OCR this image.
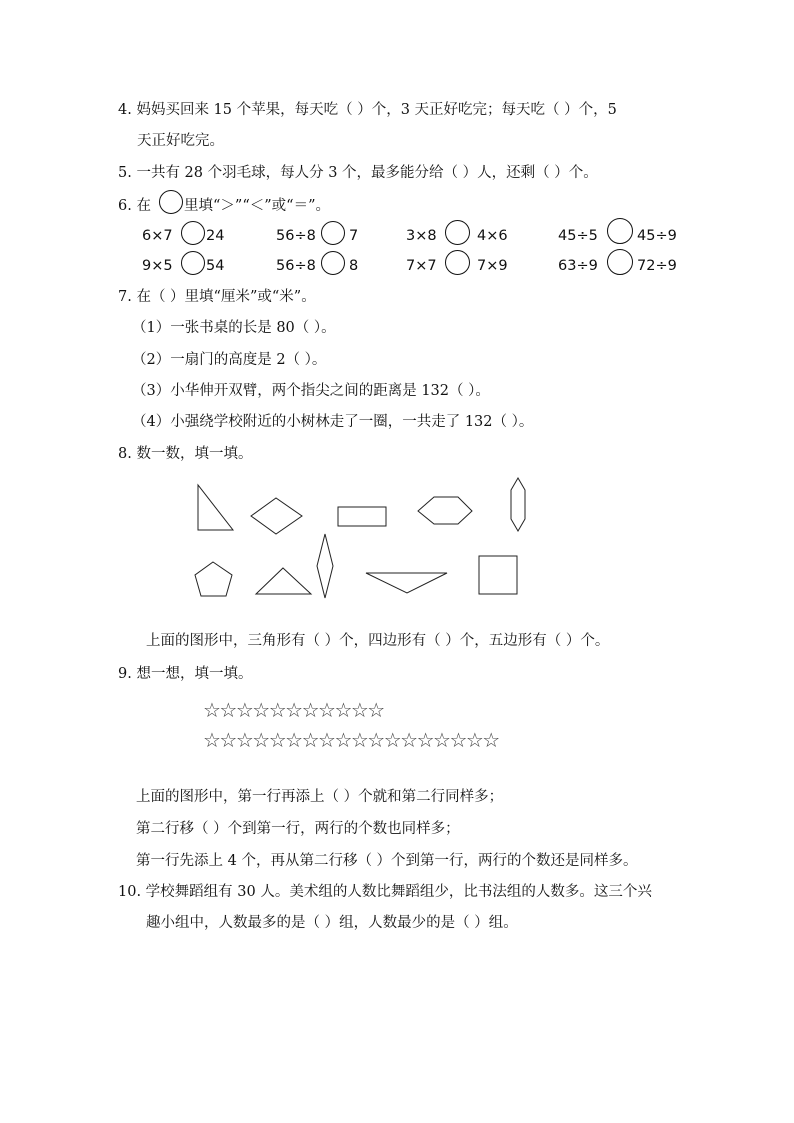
4. 妈妈买回来 15 个苹果，每天吃（ ）个，3 天正好吃完；每天吃（ ）个，5
天正好吃完。
5. 一共有 28 个羽毛球，每人分 3 个，最多能分给（ ）人，还剩（ ）个。
6. 在 里填“＞”“＜”或“＝”。
6×7 24	56÷8 7	3×8	4×6	45÷5	45÷9
9×5 54	56÷8 8	7×7	7×9	63÷9	72÷9
7. 在（ ）里填“厘米”或“米”。
（1）一张书桌的长是 80（ ）。
（2）一扇门的高度是 2（ ）。
（3）小华伸开双臂，两个指尖之间的距离是 132（ ）。
（4）小强绕学校附近的小树林走了一圈，一共走了 132（ ）。
8. 数一数，填一填。
上面的图形中，三角形有（ ）个，四边形有（ ）个，五边形有（ ）个。
9. 想一想，填一填。
☆☆☆☆☆☆☆☆☆☆☆
☆☆☆☆☆☆☆☆☆☆☆☆☆☆☆☆☆☆
上面的图形中，第一行再添上（ ）个就和第二行同样多；
第二行移（ ）个到第一行，两行的个数也同样多；
第一行先添上 4 个，再从第二行移（ ）个到第一行，两行的个数还是同样多。
10. 学校舞蹈组有 30 人。美术组的人数比舞蹈组少，比书法组的人数多。这三个兴
趣小组中，人数最多的是（ ）组，人数最少的是（ ）组。
